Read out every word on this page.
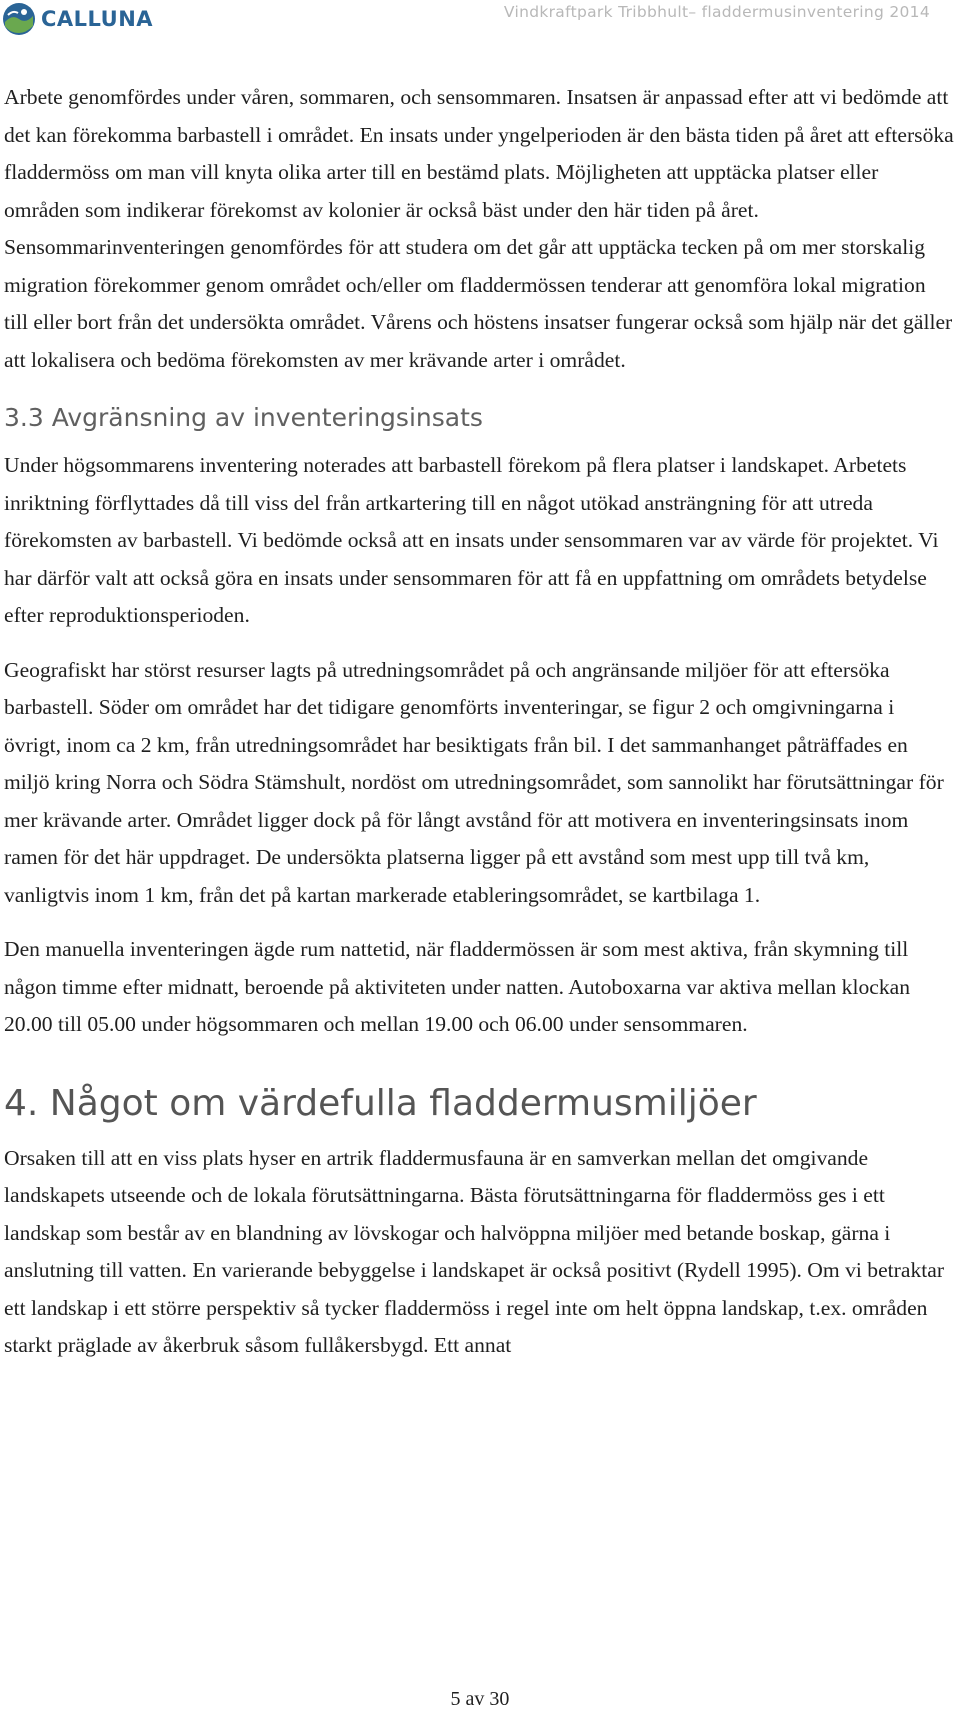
CALLUNA	Vindkraftpark Tribbhult– fladdermusinventering 2014

Arbete genomfördes under våren, sommaren, och sensommaren. Insatsen är anpassad efter att vi bedömde att det kan förekomma barbastell i området. En insats under yngelperioden är den bästa tiden på året att eftersöka fladdermöss om man vill knyta olika arter till en bestämd plats. Möjligheten att upptäcka platser eller områden som indikerar förekomst av kolonier är också bäst under den här tiden på året. Sensommarinventeringen genomfördes för att studera om det går att upptäcka tecken på om mer storskalig migration förekommer genom området och/eller om fladdermössen tenderar att genomföra lokal migration till eller bort från det undersökta området. Vårens och höstens insatser fungerar också som hjälp när det gäller att lokalisera och bedöma förekomsten av mer krävande arter i området.

3.3 Avgränsning av inventeringsinsats

Under högsommarens inventering noterades att barbastell förekom på flera platser i landskapet. Arbetets inriktning förflyttades då till viss del från artkartering till en något utökad ansträngning för att utreda förekomsten av barbastell. Vi bedömde också att en insats under sensommaren var av värde för projektet. Vi har därför valt att också göra en insats under sensommaren för att få en uppfattning om områdets betydelse efter reproduktionsperioden.

Geografiskt har störst resurser lagts på utredningsområdet på och angränsande miljöer för att eftersöka barbastell. Söder om området har det tidigare genomförts inventeringar, se figur 2 och omgivningarna i övrigt, inom ca 2 km, från utredningsområdet har besiktigats från bil. I det sammanhanget påträffades en miljö kring Norra och Södra Stämshult, nordöst om utredningsområdet, som sannolikt har förutsättningar för mer krävande arter. Området ligger dock på för långt avstånd för att motivera en inventeringsinsats inom ramen för det här uppdraget. De undersökta platserna ligger på ett avstånd som mest upp till två km, vanligtvis inom 1 km, från det på kartan markerade etableringsområdet, se kartbilaga 1.

Den manuella inventeringen ägde rum nattetid, när fladdermössen är som mest aktiva, från skymning till någon timme efter midnatt, beroende på aktiviteten under natten. Autoboxarna var aktiva mellan klockan 20.00 till 05.00 under högsommaren och mellan 19.00 och 06.00 under sensommaren.

4. Något om värdefulla fladdermusmiljöer

Orsaken till att en viss plats hyser en artrik fladdermusfauna är en samverkan mellan det omgivande landskapets utseende och de lokala förutsättningarna. Bästa förutsättningarna för fladdermöss ges i ett landskap som består av en blandning av lövskogar och halvöppna miljöer med betande boskap, gärna i anslutning till vatten. En varierande bebyggelse i landskapet är också positivt (Rydell 1995). Om vi betraktar ett landskap i ett större perspektiv så tycker fladdermöss i regel inte om helt öppna landskap, t.ex. områden starkt präglade av åkerbruk såsom fullåkersbygd. Ett annat

5 av 30
